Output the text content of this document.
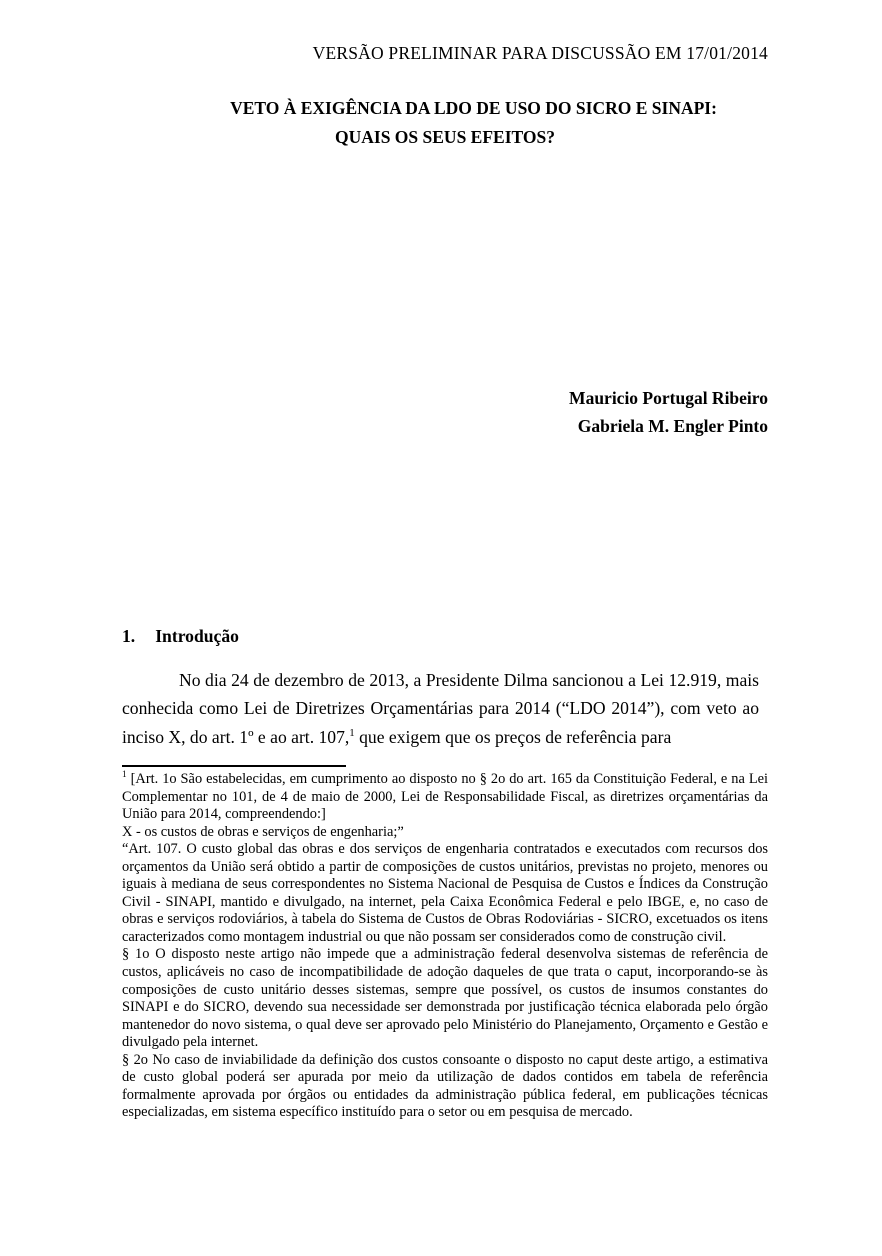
VERSÃO PRELIMINAR PARA DISCUSSÃO EM 17/01/2014
VETO À EXIGÊNCIA DA LDO DE USO DO SICRO E SINAPI:
QUAIS OS SEUS EFEITOS?
Mauricio Portugal Ribeiro
Gabriela M. Engler Pinto
1. Introdução

No dia 24 de dezembro de 2013, a Presidente Dilma sancionou a Lei 12.919, mais conhecida como Lei de Diretrizes Orçamentárias para 2014 (“LDO 2014”), com veto ao inciso X, do art. 1º e ao art. 107,$^1$ que exigem que os preços de referência para

$^1$ [Art. 1o São estabelecidas, em cumprimento ao disposto no § 2o do art. 165 da Constituição Federal, e na Lei Complementar no 101, de 4 de maio de 2000, Lei de Responsabilidade Fiscal, as diretrizes orçamentárias da União para 2014, compreendendo:]
X - os custos de obras e serviços de engenharia;”
“Art. 107. O custo global das obras e dos serviços de engenharia contratados e executados com recursos dos orçamentos da União será obtido a partir de composições de custos unitários, previstas no projeto, menores ou iguais à mediana de seus correspondentes no Sistema Nacional de Pesquisa de Custos e Índices da Construção Civil - SINAPI, mantido e divulgado, na internet, pela Caixa Econômica Federal e pelo IBGE, e, no caso de obras e serviços rodoviários, à tabela do Sistema de Custos de Obras Rodoviárias - SICRO, excetuados os itens caracterizados como montagem industrial ou que não possam ser considerados como de construção civil.
§ 1o O disposto neste artigo não impede que a administração federal desenvolva sistemas de referência de custos, aplicáveis no caso de incompatibilidade de adoção daqueles de que trata o caput, incorporando-se às composições de custo unitário desses sistemas, sempre que possível, os custos de insumos constantes do SINAPI e do SICRO, devendo sua necessidade ser demonstrada por justificação técnica elaborada pelo órgão mantenedor do novo sistema, o qual deve ser aprovado pelo Ministério do Planejamento, Orçamento e Gestão e divulgado pela internet.
§ 2o No caso de inviabilidade da definição dos custos consoante o disposto no caput deste artigo, a estimativa de custo global poderá ser apurada por meio da utilização de dados contidos em tabela de referência formalmente aprovada por órgãos ou entidades da administração pública federal, em publicações técnicas especializadas, em sistema específico instituído para o setor ou em pesquisa de mercado.
